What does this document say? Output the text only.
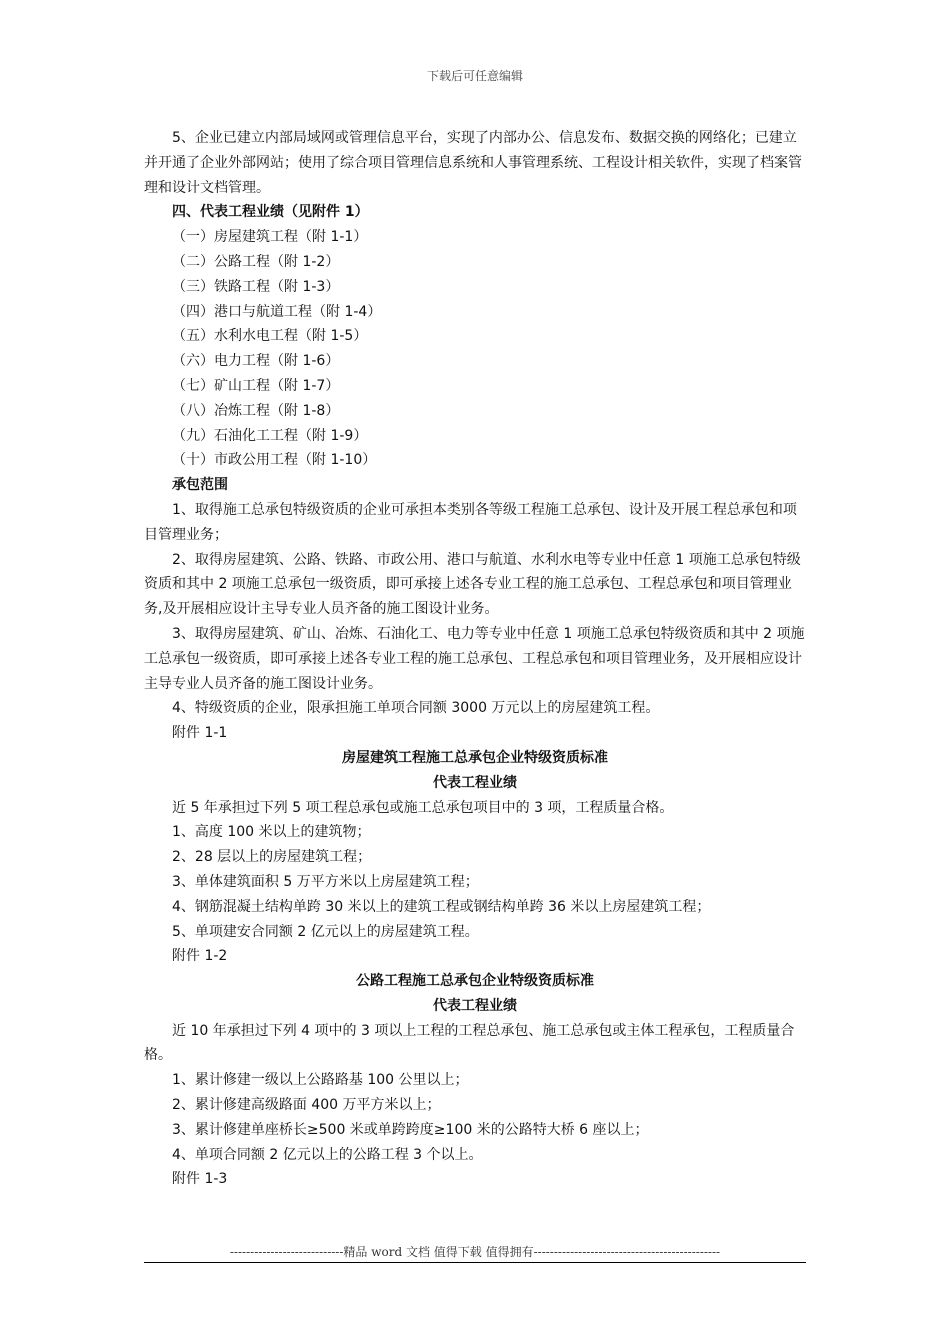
下载后可任意编辑

5、企业已建立内部局域网或管理信息平台，实现了内部办公、信息发布、数据交换的网络化；已建立并开通了企业外部网站；使用了综合项目管理信息系统和人事管理系统、工程设计相关软件，实现了档案管理和设计文档管理。

四、代表工程业绩（见附件 1）

（一）房屋建筑工程（附 1-1）

（二）公路工程（附 1-2）

（三）铁路工程（附 1-3）

（四）港口与航道工程（附 1-4）

（五）水利水电工程（附 1-5）

（六）电力工程（附 1-6）

（七）矿山工程（附 1-7）

（八）冶炼工程（附 1-8）

（九）石油化工工程（附 1-9）

（十）市政公用工程（附 1-10）

承包范围

1、取得施工总承包特级资质的企业可承担本类别各等级工程施工总承包、设计及开展工程总承包和项目管理业务；

2、取得房屋建筑、公路、铁路、市政公用、港口与航道、水利水电等专业中任意 1 项施工总承包特级资质和其中 2 项施工总承包一级资质，即可承接上述各专业工程的施工总承包、工程总承包和项目管理业务,及开展相应设计主导专业人员齐备的施工图设计业务。

3、取得房屋建筑、矿山、冶炼、石油化工、电力等专业中任意 1 项施工总承包特级资质和其中 2 项施工总承包一级资质，即可承接上述各专业工程的施工总承包、工程总承包和项目管理业务，及开展相应设计主导专业人员齐备的施工图设计业务。

4、特级资质的企业，限承担施工单项合同额 3000 万元以上的房屋建筑工程。

附件 1-1

房屋建筑工程施工总承包企业特级资质标准

代表工程业绩

近 5 年承担过下列 5 项工程总承包或施工总承包项目中的 3 项，工程质量合格。

1、高度 100 米以上的建筑物；

2、28 层以上的房屋建筑工程；

3、单体建筑面积 5 万平方米以上房屋建筑工程；

4、钢筋混凝土结构单跨 30 米以上的建筑工程或钢结构单跨 36 米以上房屋建筑工程；

5、单项建安合同额 2 亿元以上的房屋建筑工程。

附件 1-2

公路工程施工总承包企业特级资质标准

代表工程业绩

近 10 年承担过下列 4 项中的 3 项以上工程的工程总承包、施工总承包或主体工程承包，工程质量合格。

1、累计修建一级以上公路路基 100 公里以上；

2、累计修建高级路面 400 万平方米以上；

3、累计修建单座桥长≥500 米或单跨跨度≥100 米的公路特大桥 6 座以上；

4、单项合同额 2 亿元以上的公路工程 3 个以上。

附件 1-3

----------------------------精品 word 文档 值得下载 值得拥有----------------------------------------------
